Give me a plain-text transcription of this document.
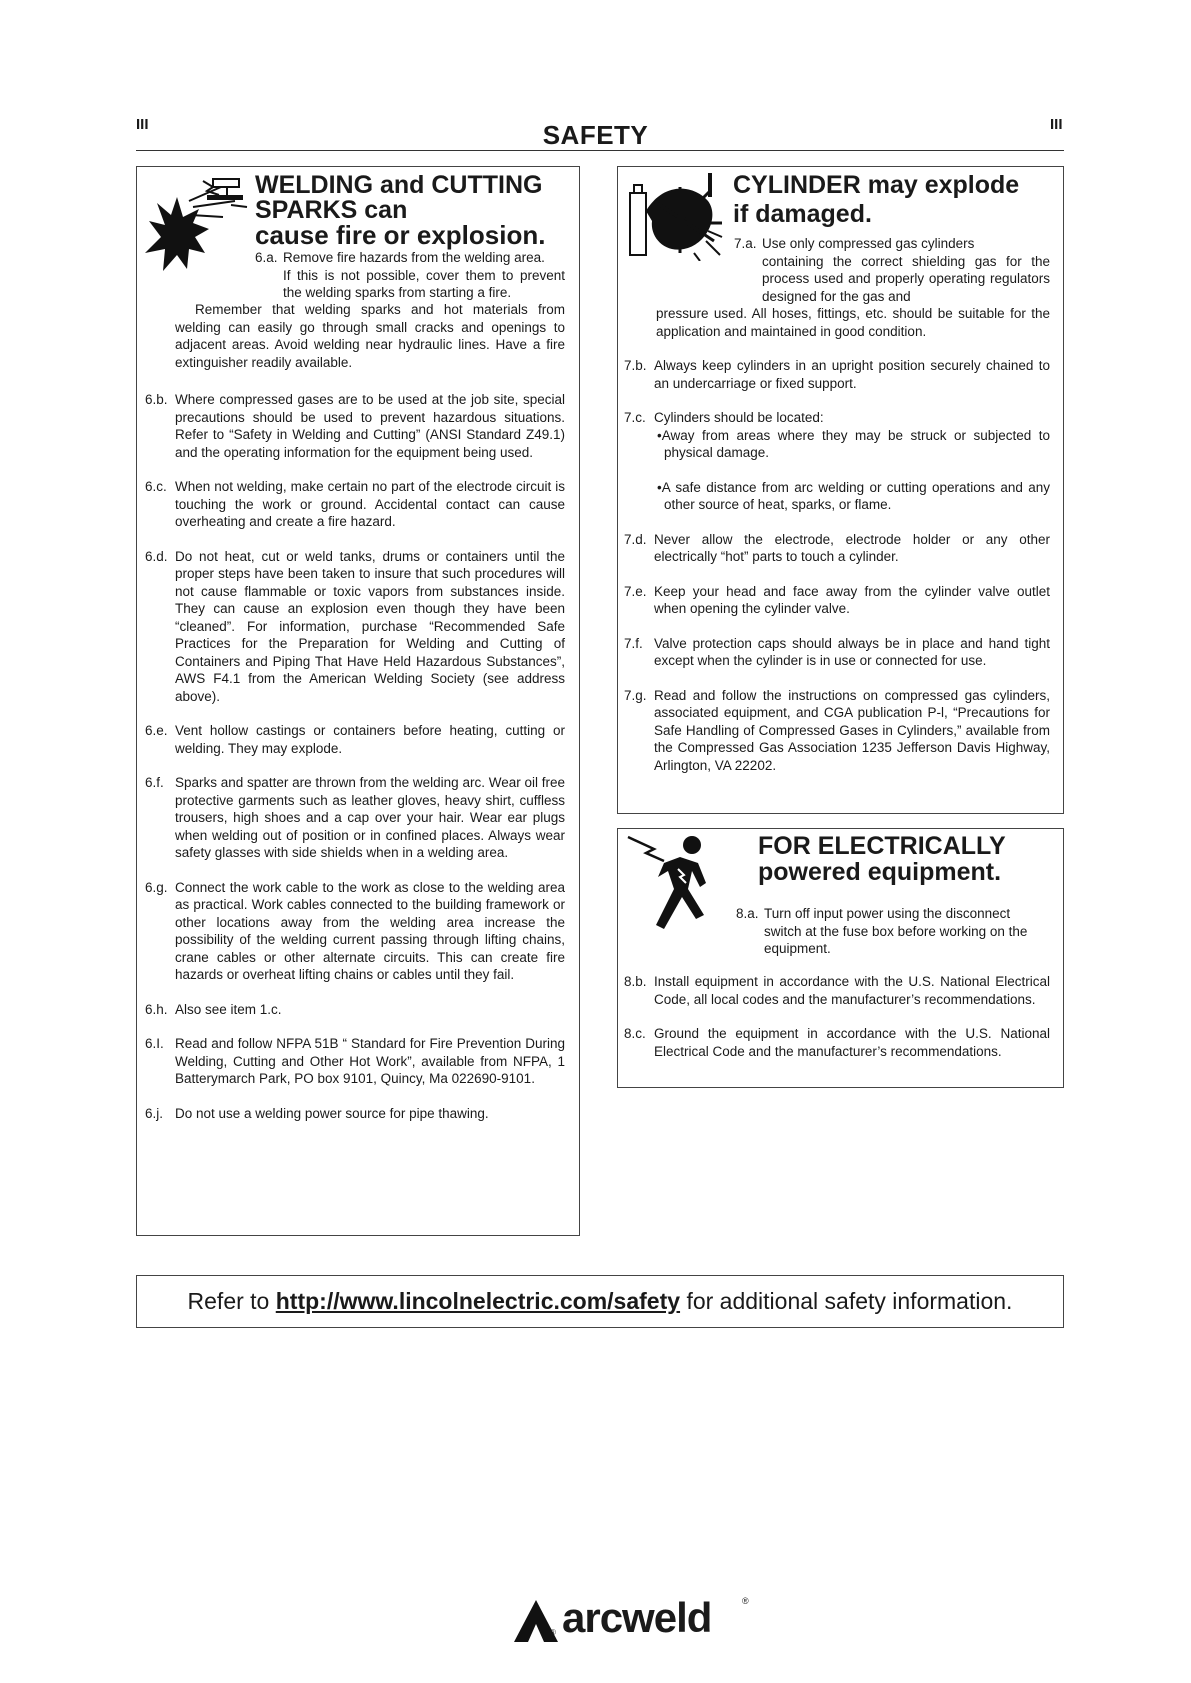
III	SAFETY	III
WELDING and CUTTING
SPARKS can
cause fire or explosion.
6.a. Remove fire hazards from the welding area.
If this is not possible, cover them to prevent the welding sparks from starting a fire.
Remember that welding sparks and hot materials from welding can easily go through small cracks and openings to adjacent areas. Avoid welding near hydraulic lines. Have a fire extinguisher readily available.
6.b. Where compressed gases are to be used at the job site, special precautions should be used to prevent hazardous situations. Refer to “Safety in Welding and Cutting” (ANSI Standard Z49.1) and the operating information for the equipment being used.
6.c. When not welding, make certain no part of the electrode circuit is touching the work or ground. Accidental contact can cause overheating and create a fire hazard.
6.d. Do not heat, cut or weld tanks, drums or containers until the proper steps have been taken to insure that such procedures will not cause flammable or toxic vapors from substances inside. They can cause an explosion even though they have been “cleaned”. For information, purchase “Recommended Safe Practices for the Preparation for Welding and Cutting of Containers and Piping That Have Held Hazardous Substances”, AWS F4.1 from the American Welding Society (see address above).
6.e. Vent hollow castings or containers before heating, cutting or welding. They may explode.
6.f. Sparks and spatter are thrown from the welding arc. Wear oil free protective garments such as leather gloves, heavy shirt, cuffless trousers, high shoes and a cap over your hair. Wear ear plugs when welding out of position or in confined places. Always wear safety glasses with side shields when in a welding area.
6.g. Connect the work cable to the work as close to the welding area as practical. Work cables connected to the building framework or other locations away from the welding area increase the possibility of the welding current passing through lifting chains, crane cables or other alternate circuits. This can create fire hazards or overheat lifting chains or cables until they fail.
6.h. Also see item 1.c.
6.I. Read and follow NFPA 51B “ Standard for Fire Prevention During Welding, Cutting and Other Hot Work”, available from NFPA, 1 Batterymarch Park, PO box 9101, Quincy, Ma 022690-9101.
6.j. Do not use a welding power source for pipe thawing.
CYLINDER may explode
if damaged.
7.a. Use only compressed gas cylinders
containing the correct shielding gas for the process used and properly operating regulators designed for the gas and
pressure used. All hoses, fittings, etc. should be suitable for the application and maintained in good condition.
7.b. Always keep cylinders in an upright position securely chained to an undercarriage or fixed support.
7.c. Cylinders should be located:
•Away from areas where they may be struck or subjected to physical damage.
•A safe distance from arc welding or cutting operations and any other source of heat, sparks, or flame.
7.d. Never allow the electrode, electrode holder or any other electrically “hot” parts to touch a cylinder.
7.e. Keep your head and face away from the cylinder valve outlet when opening the cylinder valve.
7.f. Valve protection caps should always be in place and hand tight except when the cylinder is in use or connected for use.
7.g. Read and follow the instructions on compressed gas cylinders, associated equipment, and CGA publication P-l, “Precautions for Safe Handling of Compressed Gases in Cylinders,” available from the Compressed Gas Association 1235 Jefferson Davis Highway, Arlington, VA 22202.
FOR ELECTRICALLY
powered equipment.
8.a. Turn off input power using the disconnect
switch at the fuse box before working on the equipment.
8.b. Install equipment in accordance with the U.S. National Electrical Code, all local codes and the manufacturer’s recommendations.
8.c. Ground the equipment in accordance with the U.S. National Electrical Code and the manufacturer’s recommendations.
Refer to http://www.lincolnelectric.com/safety for additional safety information.
® arcweld	®
